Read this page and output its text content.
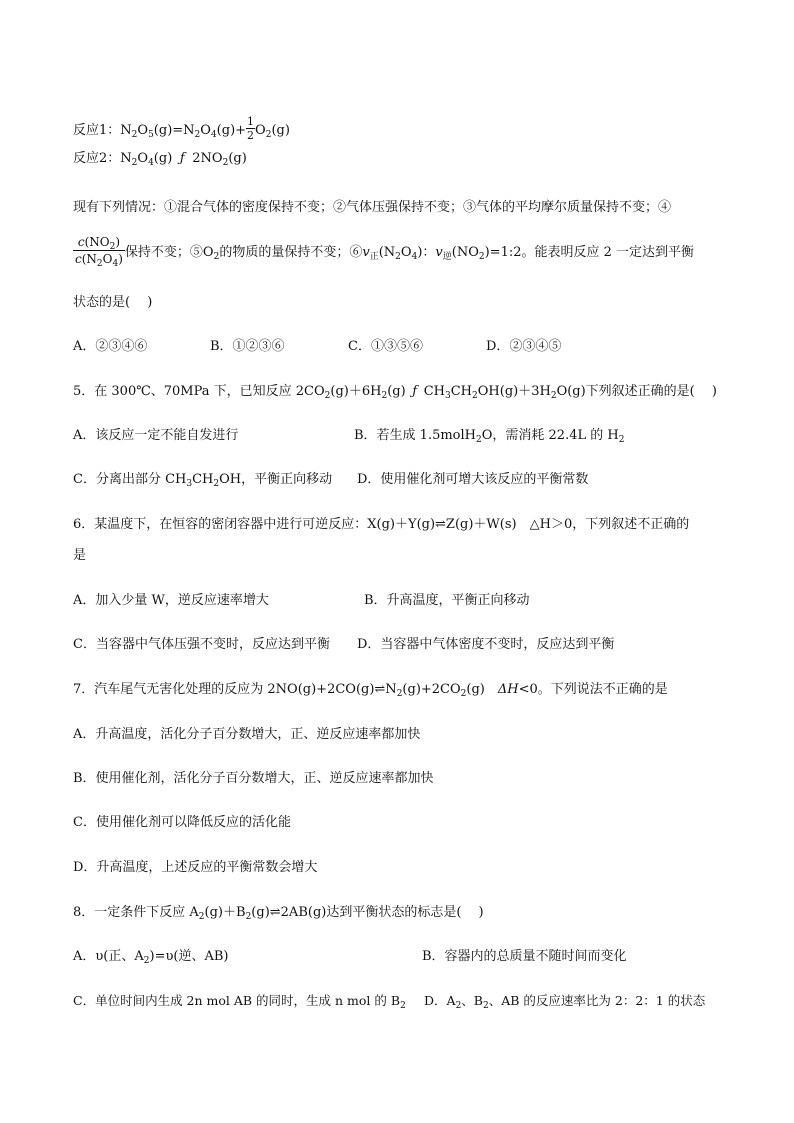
反应1：$N_2O_5(g)=N_2O_4(g)+ \frac{1}{2} O_2(g)$
反应2：$N_2O_4(g)$ ƒ $2NO_2(g)$
现有下列情况：①混合气体的密度保持不变；②气体压强保持不变；③气体的平均摩尔质量保持不变；④
$\frac{c(NO_2)}{c(N_2O_4)}$ 保持不变；$⑤O_2$的物质的量保持不变；$⑥v_正(N_2O_4)$：$v_逆(NO_2)=1:2$。能表明反应 2 一定达到平衡
状态的是(　 )
A．②③④⑥	B．①②③⑥	C．①③⑤⑥	D．②③④⑤
5．在 300℃、70MPa 下，已知反应 $2CO_2(g)+6H_2(g)$ ƒ $CH_3CH_2OH(g)+3H_2O(g)$下列叙述正确的是(　 )
A．该反应一定不能自发进行	B．若生成 1.5molH$_2$O，需消耗 22.4L 的 $H_2$
C．分离出部分 $CH_3CH_2OH$，平衡正向移动 D．使用催化剂可增大该反应的平衡常数
6．某温度下，在恒容的密闭容器中进行可逆反应：X(g)＋Y(g)⇌Z(g)＋W(s)　△H＞0，下列叙述不正确的
是
A．加入少量 W，逆反应速率增大	B．升高温度，平衡正向移动
C．当容器中气体压强不变时，反应达到平衡 D．当容器中气体密度不变时，反应达到平衡
7．汽车尾气无害化处理的反应为 $2NO(g)+2CO(g)\rightleftharpoons N_2(g)+2CO_2(g)$　ΔH<0。下列说法不正确的是
A．升高温度，活化分子百分数增大，正、逆反应速率都加快
B．使用催化剂，活化分子百分数增大，正、逆反应速率都加快
C．使用催化剂可以降低反应的活化能
D．升高温度，上述反应的平衡常数会增大
8．一定条件下反应 $A_2(g)+B_2(g)\rightleftharpoons 2AB(g)$达到平衡状态的标志是(　 )
A．υ(正、$A_2)=\upsilon$(逆、AB)	B．容器内的总质量不随时间而变化
C．单位时间内生成 2n mol AB 的同时，生成 n mol 的 $B_2$ D．$A_2$、$B_2$、AB 的反应速率比为 2：2：1 的状态
